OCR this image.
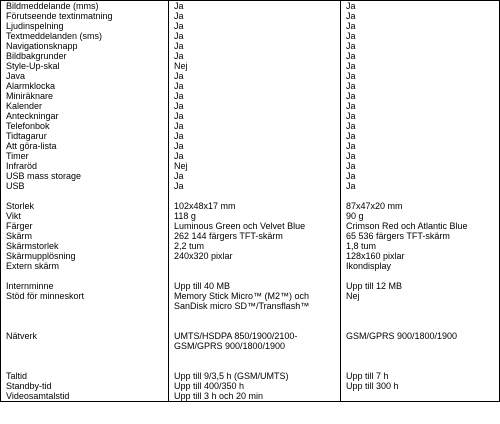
Bildmeddelande (mms)	Ja	Ja
Förutseende textinmatning	Ja	Ja
Ljudinspelning	Ja	Ja
Textmeddelanden (sms)	Ja	Ja
Navigationsknapp	Ja	Ja
Bildbakgrunder	Ja	Ja
Style-Up-skal	Nej	Ja
Java	Ja	Ja
Alarmklocka	Ja	Ja
Miniräknare	Ja	Ja
Kalender	Ja	Ja
Anteckningar	Ja	Ja
Telefonbok	Ja	Ja
Tidtagarur	Ja	Ja
Att göra-lista	Ja	Ja
Timer	Ja	Ja
Infraröd	Nej	Ja
USB mass storage	Ja	Ja
USB	Ja	Ja

Storlek	102x48x17 mm	87x47x20 mm
Vikt	118 g	90 g
Färger	Luminous Green och Velvet Blue	Crimson Red och Atlantic Blue
Skärm	262 144 färgers TFT-skärm	65 536 färgers TFT-skärm
Skärmstorlek	2,2 tum	1,8 tum
Skärmupplösning	240x320 pixlar	128x160 pixlar
Extern skärm		Ikondisplay

Internminne	Upp till 40 MB	Upp till 12 MB
Stöd för minneskort	Memory Stick Micro™ (M2™) och	Nej
	SanDisk micro SD™/Transflash™	

Nätverk	UMTS/HSDPA 850/1900/2100-	GSM/GPRS 900/1800/1900
	GSM/GPRS 900/1800/1900	

Taltid	Upp till 9/3,5 h (GSM/UMTS)	Upp till 7 h
Standby-tid	Upp till 400/350 h	Upp till 300 h
Videosamtalstid	Upp till 3 h och 20 min	
